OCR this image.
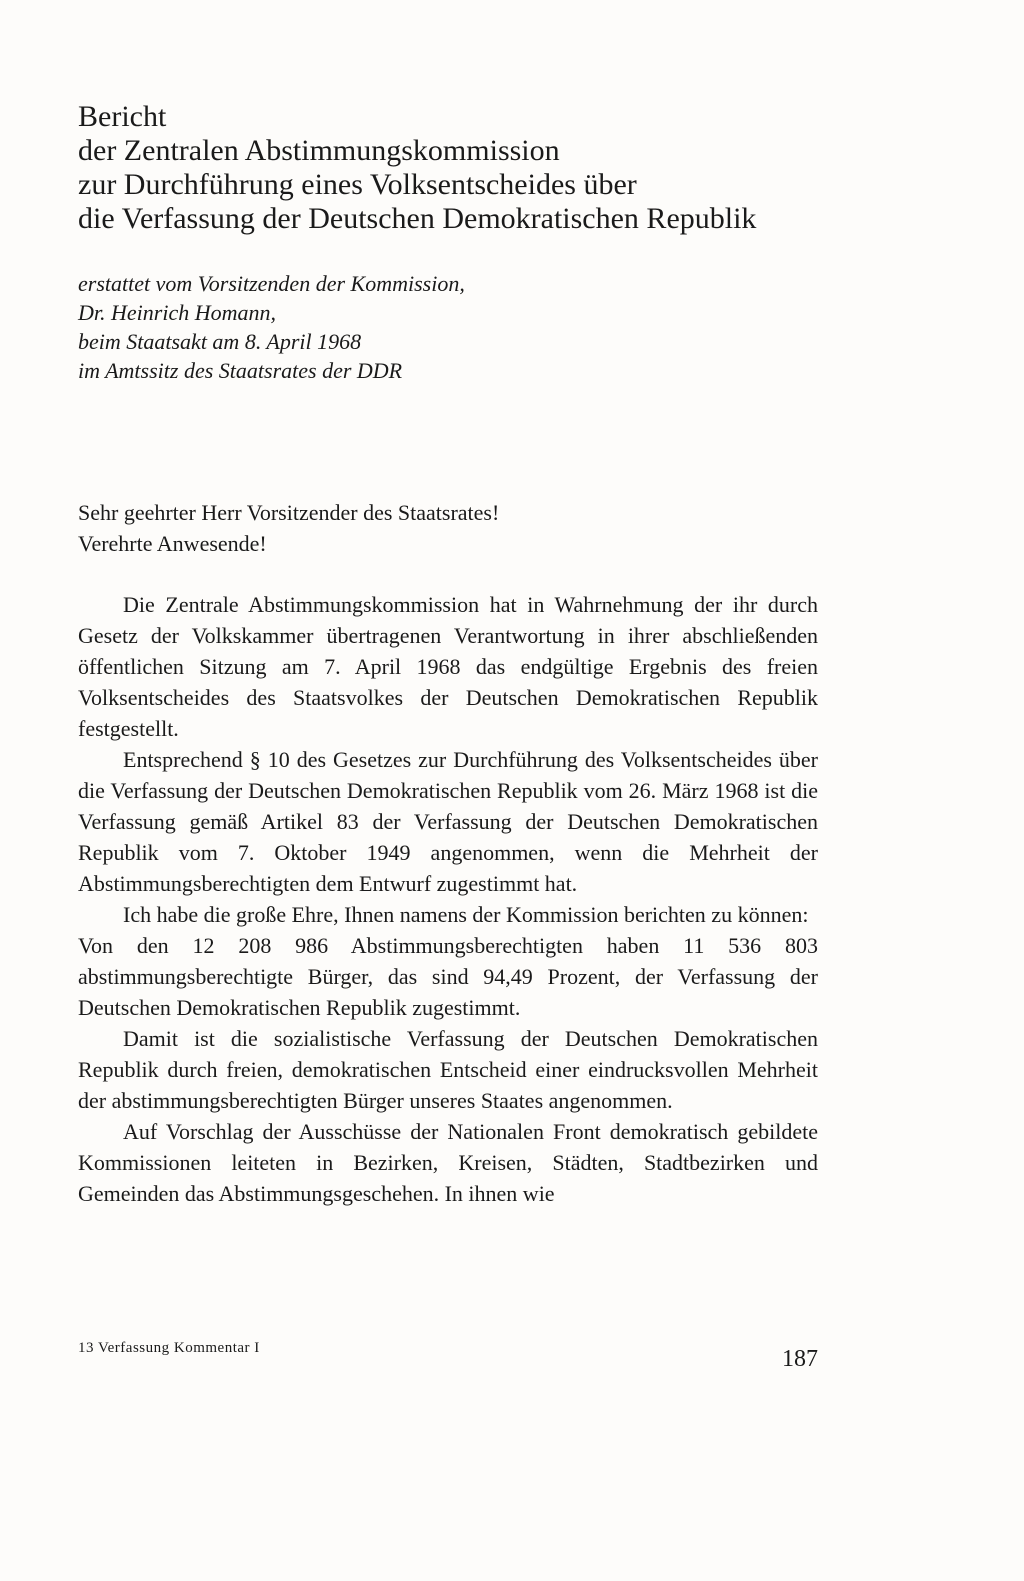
Bericht
der Zentralen Abstimmungskommission
zur Durchführung eines Volksentscheides über
die Verfassung der Deutschen Demokratischen Republik
erstattet vom Vorsitzenden der Kommission,
Dr. Heinrich Homann,
beim Staatsakt am 8. April 1968
im Amtssitz des Staatsrates der DDR
Sehr geehrter Herr Vorsitzender des Staatsrates!
Verehrte Anwesende!

Die Zentrale Abstimmungskommission hat in Wahrnehmung der ihr durch Gesetz der Volkskammer übertragenen Verantwortung in ihrer abschließenden öffentlichen Sitzung am 7. April 1968 das endgültige Ergebnis des freien Volksentscheides des Staatsvolkes der Deutschen Demokratischen Republik festgestellt.

Entsprechend § 10 des Gesetzes zur Durchführung des Volksentscheides über die Verfassung der Deutschen Demokratischen Republik vom 26. März 1968 ist die Verfassung gemäß Artikel 83 der Verfassung der Deutschen Demokratischen Republik vom 7. Oktober 1949 angenommen, wenn die Mehrheit der Abstimmungsberechtigten dem Entwurf zugestimmt hat.

Ich habe die große Ehre, Ihnen namens der Kommission berichten zu können:

Von den 12 208 986 Abstimmungsberechtigten haben 11 536 803 abstimmungsberechtigte Bürger, das sind 94,49 Prozent, der Verfassung der Deutschen Demokratischen Republik zugestimmt.

Damit ist die sozialistische Verfassung der Deutschen Demokratischen Republik durch freien, demokratischen Entscheid einer eindrucksvollen Mehrheit der abstimmungsberechtigten Bürger unseres Staates angenommen.

Auf Vorschlag der Ausschüsse der Nationalen Front demokratisch gebildete Kommissionen leiteten in Bezirken, Kreisen, Städten, Stadtbezirken und Gemeinden das Abstimmungsgeschehen. In ihnen wie

13 Verfassung Kommentar I	187
